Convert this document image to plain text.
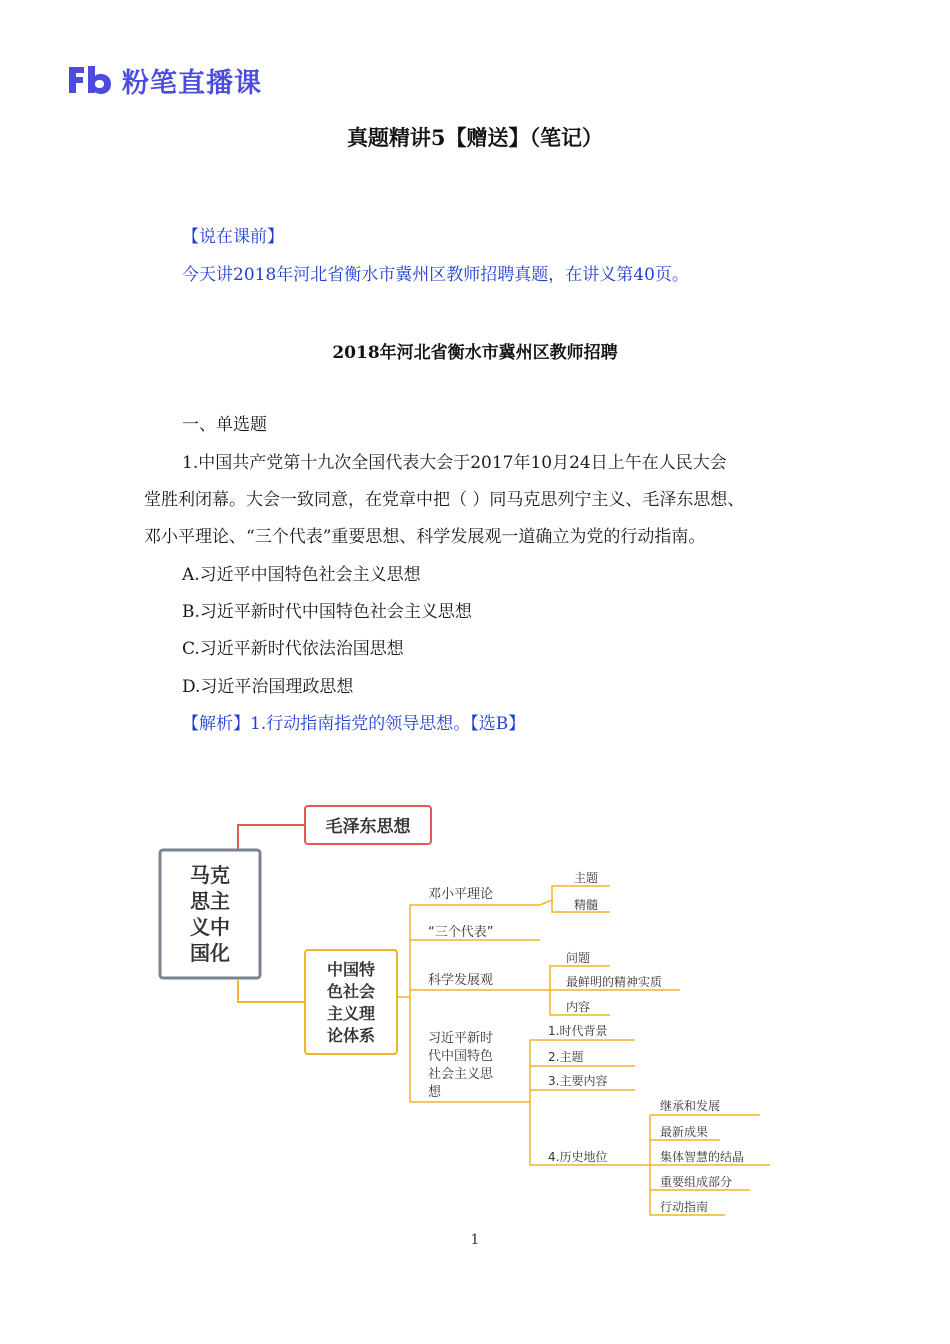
粉笔直播课
真题精讲5【赠送】（笔记）
【说在课前】
今天讲2018年河北省衡水市冀州区教师招聘真题，在讲义第40页。
2018年河北省衡水市冀州区教师招聘
一、单选题
1.中国共产党第十九次全国代表大会于2017年10月24日上午在人民大会
堂胜利闭幕。大会一致同意，在党章中把（ ）同马克思列宁主义、毛泽东思想、
邓小平理论、“三个代表”重要思想、科学发展观一道确立为党的行动指南。
A.习近平中国特色社会主义思想
B.习近平新时代中国特色社会主义思想
C.习近平新时代依法治国思想
D.习近平治国理政思想
【解析】1.行动指南指党的领导思想。【选B】
马克
思主
义中
国化
毛泽东思想
中国特
色社会
主义理
论体系
邓小平理论
主题
精髓
“三个代表”
科学发展观
问题
最鲜明的精神实质
内容
习近平新时
代中国特色
社会主义思
想
1.时代背景
2.主题
3.主要内容
4.历史地位
继承和发展
最新成果
集体智慧的结晶
重要组成部分
行动指南
1
